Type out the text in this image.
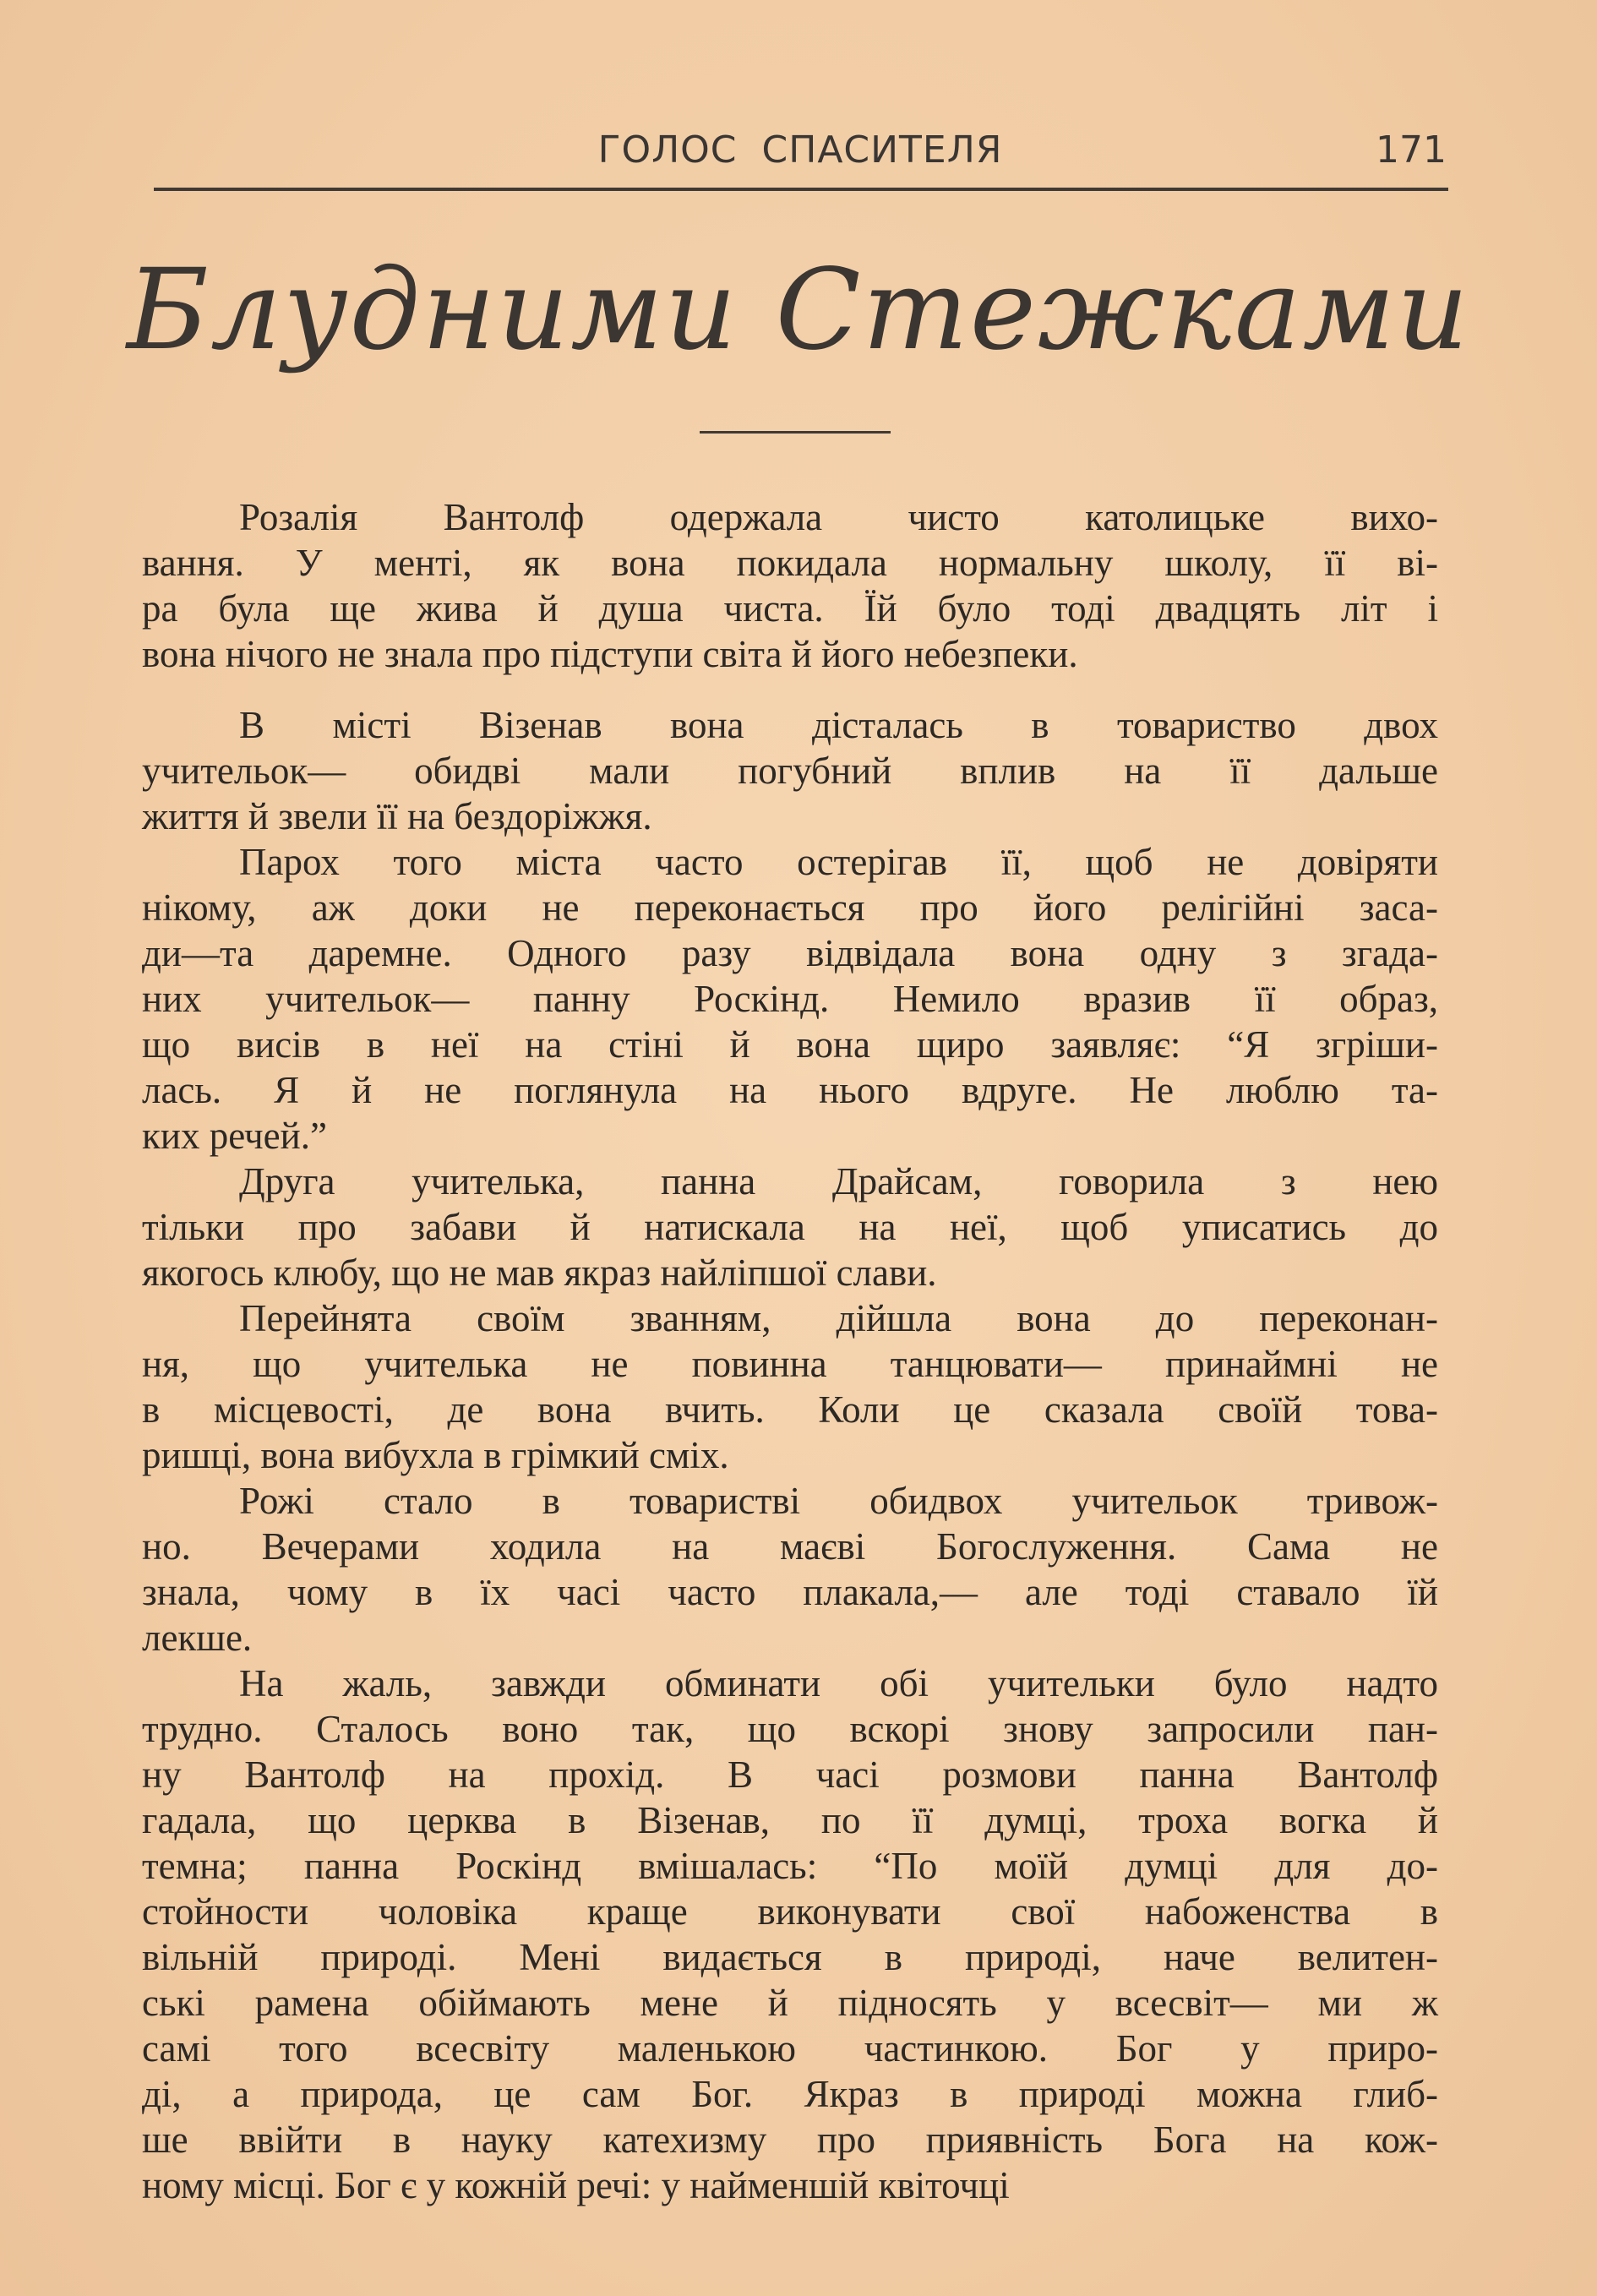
ГОЛОС СПАСИТЕЛЯ	171
Блудними Стежками
Розалія Вантолф одержала чисто католицьке вихо-
вання. У менті, як вона покидала нормальну школу, її ві-
ра була ще жива й душа чиста. Їй було тоді двадцять літ і
вона нічого не знала про підступи світа й його небезпеки.
В місті Візенав вона дісталась в товариство двох
учительок— обидві мали погубний вплив на її дальше
життя й звели її на бездоріжжя.
Парох того міста часто остерігав її, щоб не довіряти
нікому, аж доки не переконається про його релігійні заса-
ди—та даремне. Одного разу відвідала вона одну з згада-
них учительок— панну Роскінд. Немило вразив її образ,
що висів в неї на стіні й вона щиро заявляє: “Я згріши-
лась. Я й не поглянула на нього вдруге. Не люблю та-
ких речей.”
Друга учителька, панна Драйсам, говорила з нею
тільки про забави й натискала на неї, щоб уписатись до
якогось клюбу, що не мав якраз найліпшої слави.
Перейнята своїм званням, дійшла вона до переконан-
ня, що учителька не повинна танцювати— принаймні не
в місцевості, де вона вчить. Коли це сказала своїй това-
ришці, вона вибухла в грімкий сміх.
Рожі стало в товаристві обидвох учительок тривож-
но. Вечерами ходила на маєві Богослуження. Сама не
знала, чому в їх часі часто плакала,— але тоді ставало їй
лекше.
На жаль, завжди обминати обі учительки було надто
трудно. Сталось воно так, що вскорі знову запросили пан-
ну Вантолф на прохід. В часі розмови панна Вантолф
гадала, що церква в Візенав, по її думці, троха вогка й
темна; панна Роскінд вмішалась: “По моїй думці для до-
стойности чоловіка краще виконувати свої набоженства в
вільній природі. Мені видається в природі, наче велитен-
ські рамена обіймають мене й підносять у всесвіт— ми ж
самі того всесвіту маленькою частинкою. Бог у приро-
ді, а природа, це сам Бог. Якраз в природі можна глиб-
ше ввійти в науку катехизму про приявність Бога на кож-
ному місці. Бог є у кожній речі: у найменшій квіточці
